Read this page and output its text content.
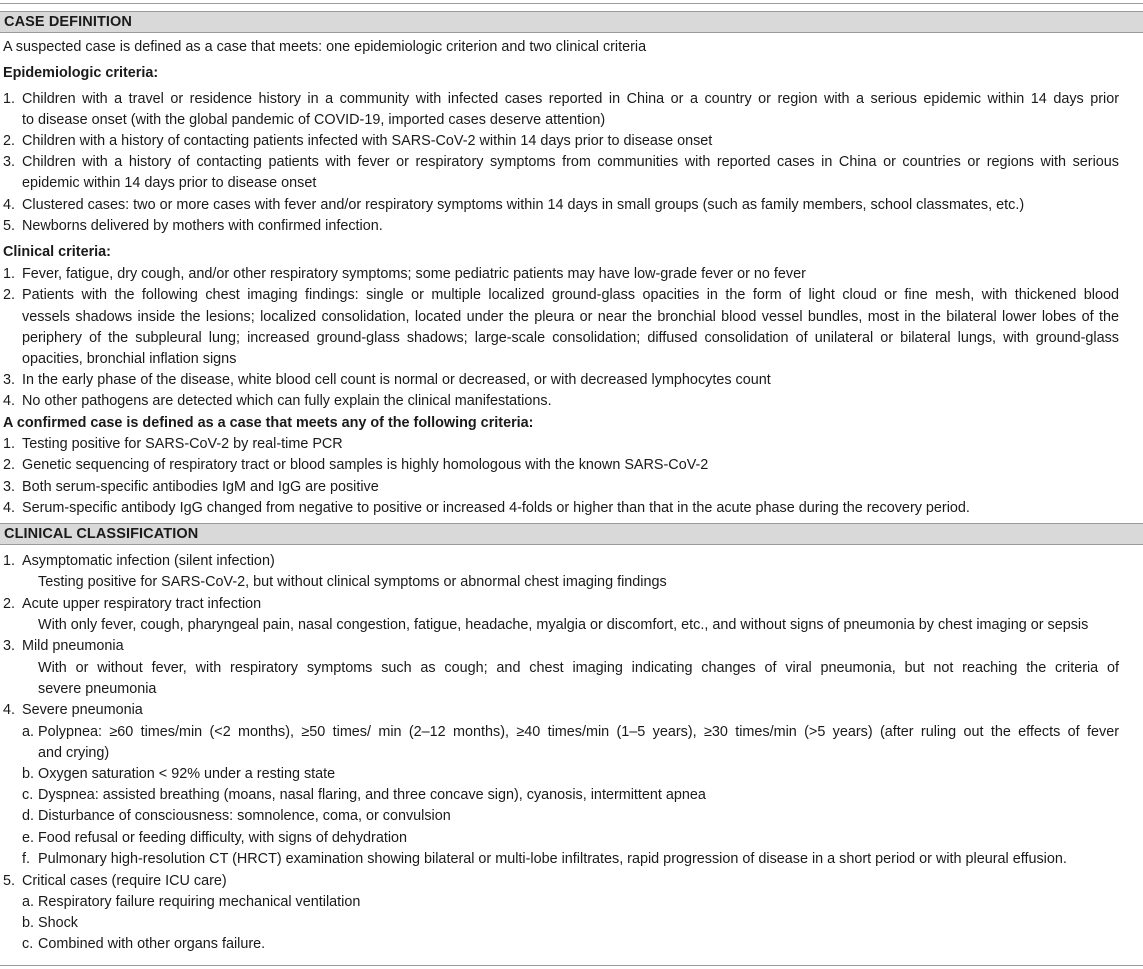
CASE DEFINITION
A suspected case is defined as a case that meets: one epidemiologic criterion and two clinical criteria
Epidemiologic criteria:
1. Children with a travel or residence history in a community with infected cases reported in China or a country or region with a serious epidemic within 14 days prior
to disease onset (with the global pandemic of COVID-19, imported cases deserve attention)
2. Children with a history of contacting patients infected with SARS-CoV-2 within 14 days prior to disease onset
3. Children with a history of contacting patients with fever or respiratory symptoms from communities with reported cases in China or countries or regions with serious
epidemic within 14 days prior to disease onset
4. Clustered cases: two or more cases with fever and/or respiratory symptoms within 14 days in small groups (such as family members, school classmates, etc.)
5. Newborns delivered by mothers with confirmed infection.
Clinical criteria:
1. Fever, fatigue, dry cough, and/or other respiratory symptoms; some pediatric patients may have low-grade fever or no fever
2. Patients with the following chest imaging findings: single or multiple localized ground-glass opacities in the form of light cloud or fine mesh, with thickened blood
vessels shadows inside the lesions; localized consolidation, located under the pleura or near the bronchial blood vessel bundles, most in the bilateral lower lobes of the
periphery of the subpleural lung; increased ground-glass shadows; large-scale consolidation; diffused consolidation of unilateral or bilateral lungs, with ground-glass
opacities, bronchial inflation signs
3. In the early phase of the disease, white blood cell count is normal or decreased, or with decreased lymphocytes count
4. No other pathogens are detected which can fully explain the clinical manifestations.
A confirmed case is defined as a case that meets any of the following criteria:
1. Testing positive for SARS-CoV-2 by real-time PCR
2. Genetic sequencing of respiratory tract or blood samples is highly homologous with the known SARS-CoV-2
3. Both serum-specific antibodies IgM and IgG are positive
4. Serum-specific antibody IgG changed from negative to positive or increased 4-folds or higher than that in the acute phase during the recovery period.
CLINICAL CLASSIFICATION
1. Asymptomatic infection (silent infection)
Testing positive for SARS-CoV-2, but without clinical symptoms or abnormal chest imaging findings
2. Acute upper respiratory tract infection
With only fever, cough, pharyngeal pain, nasal congestion, fatigue, headache, myalgia or discomfort, etc., and without signs of pneumonia by chest imaging or sepsis
3. Mild pneumonia
With or without fever, with respiratory symptoms such as cough; and chest imaging indicating changes of viral pneumonia, but not reaching the criteria of
severe pneumonia
4. Severe pneumonia
a. Polypnea: ≥60 times/min (<2 months), ≥50 times/ min (2–12 months), ≥40 times/min (1–5 years), ≥30 times/min (>5 years) (after ruling out the effects of fever
and crying)
b. Oxygen saturation < 92% under a resting state
c. Dyspnea: assisted breathing (moans, nasal flaring, and three concave sign), cyanosis, intermittent apnea
d. Disturbance of consciousness: somnolence, coma, or convulsion
e. Food refusal or feeding difficulty, with signs of dehydration
f. Pulmonary high-resolution CT (HRCT) examination showing bilateral or multi-lobe infiltrates, rapid progression of disease in a short period or with pleural effusion.
5. Critical cases (require ICU care)
a. Respiratory failure requiring mechanical ventilation
b. Shock
c. Combined with other organs failure.
